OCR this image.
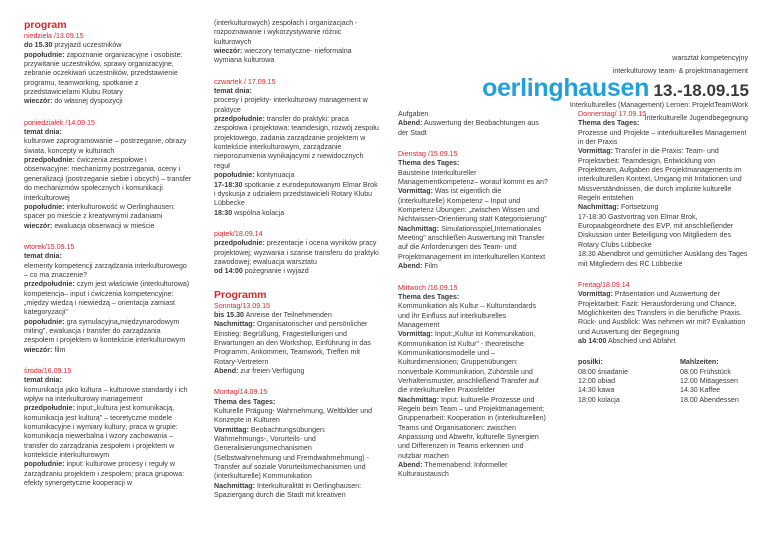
warsztat kompetencyjny
interkulturowy team- & projektmanagement
oerlinghausen 13.-18.09.15
Interkulturelles (Management) Lernen: ProjektTeamWork
Interkulturelle Jugendbegegnung
program
niedziela /13.09.15
do 15.30 przyjazd uczestników
popołudnie: zapoznanie organizacyjne i osobiste: przywitanie uczestników, sprawy organizacyjne, zebranie oczekiwań uczestników, przedstawienie programu, teamworking, spotkanie z przedstawicielami Klubu Rotary
wieczór: do własnej dyspozycji
poniedziałek /14.09.15
temat dnia:
kulturowe zaprogramowanie – postrzeganie, obrazy świata, koncepty w kulturach
przedpołudnie: ćwiczenia zespołowe i obserwacyjne: mechanizmy postrzegania, oceny i generalizacji (postrzeganie siebie i obcych) – transfer do mechanizmów społecznych i komunikacji interkulturowej
popołudnie: interkulturowość w Oerlinghausen: spacer po mieście z kreatywnymi zadaniami
wieczór: ewaluacja obserwacji w mieście
wtorek/15.09.15
temat dnia:
elementy kompetencji zarządzania interkulturowego – co ma znaczenie?
przedpołudnie: czym jest właściwie (interkulturowa) kompetencja– input i ćwiczenia kompetencyjne: „między wiedzą i niewiedzą – orientacja zamiast kategoryzacji"
popołudnie: gra symulacyjna„międzynarodowym miting", ewaluacja i transfer do zarządzania zespołem i projektem w kontekście interkulturowym
wieczór: film
środa/16.09.15
temat dnia:
komunikacja jako kultura – kulturowe standardy i ich wpływ na interkulturowy management
przedpołudnie: input:„kultura jest komunikacją, komunikacja jest kulturą" – teoretyczne modele komunikacyjne i wymiary kultury; praca w grupie: komunikacja niewerbalna i wzory zachowania – transfer do zarządzania zespołem i projektem w kontekście interkulturowym
popołudnie: input: kulturowe procesy i reguły w zarządzaniu projektem i zespołem; praca grupowa: efekty synergetyczne kooperacji w
(interkulturowych) zespołach i organizacjach - rozpoznawanie i wykorzystywanie różnic kulturowych
wieczór: wieczory tematyczne- nieformalna wymiana kulturowa
czwartek / 17.09.15
temat dnia:
procesy i projekty- interkulturowy management w praktyce
przedpołudnie: transfer do praktyki: praca zespołowa i projektowa: teamdesign, rozwój zespołu projektowego, zadania zarządzanie projektem w kontekście interkulturowym, zarządzanie nieporozumienia wynikającymi z niewidocznych reguł
popołudnie: kontynuacja
17-18:30 spotkanie z eurodeputowanym Elmar Brok i dyskusja z udziałem przedstawicieli Rotary Klubu Lübbecke
18:30 wspólna kolacja
piątek/18.09.14
przedpołudnie: prezentacje i ocena wyników pracy projektowej; wyzwania i szanse transferu do praktyki zawodowej; ewaluacja warsztatu
od 14:00 pożegnanie i wyjazd
Programm
Sonntag/13.09.15
bis 15.30 Anreise der Teilnehmenden
Nachmittag: Organisatorischer und persönlicher Einstieg: Begrüßung, Fragestellungen und Erwartungen an den Workshop, Einführung in das Programm, Ankommen, Teamwork, Treffen mit Rotary-Vertretern
Abend: zur freien Verfügung
Montag/14.09.15
Thema des Tages:
Kulturelle Prägung- Wahrnehmung, Weltbilder und Konzepte in Kulturen
Vormittag: Beobachtungsübungen: Wahrnehmungs-, Vorurteils- und Generalisierungsmechanismen (Selbstwahrnehmung und Fremdwahrnehmung) - Transfer auf soziale Vorurteilsmechanismen und (interkulturelle) Kommunikation
Nachmittag: Interkulturalität in Oerlinghausen: Spaziergang durch die Stadt mit kreativen
Aufgaben
Abend: Auswertung der Beobachtungen aus der Stadt
Dienstag /15.09.15
Thema des Tages:
Bausteine Interkultureller Managementkompetenz– worauf kommt es an?
Vormittag: Was ist eigentlich die (interkulturelle) Kompetenz – Input und Kompetenz Übungen: „zwischen Wissen und Nichtwissen-Orientierung statt Kategorisierung"
Nachmittag: Simulationsspiel„Internationales Meeting" anschließen Auswertung mit Transfer auf die Anforderungen des Team- und Projektmanagement im interkulturellen Kontext
Abend: Film
Mittwoch /16.09.15
Thema des Tages:
Kommunikation als Kultur – Kulturstandards und ihr Einfluss auf interkulturelles Management
Vormittag: Input:„Kultur ist Kommunikation, Kommunikation ist Kultur" - theoretische Kommunikationsmodelle und – Kulturdimensionen; Gruppenübungen: nonverbale Kommunikation, Zuhörstile und Verhaltensmuster, anschließend Transfer auf die interkulturellen Praxisfelder
Nachmittag: Input: kulturelle Prozesse und Regeln beim Team – und Projektmanagement; Gruppenarbeit: Kooperation in (interkulturellen) Teams und Organisationen: zwischen Anpassung und Abwehr, kulturelle Synergien und Differenzen in Teams erkennen und nutzbar machen
Abend: Themenabend: Informeller Kulturaustausch
Donnerstag/ 17.09.15
Thema des Tages:
Prozesse und Projekte – interkulturelles Management in der Praxis
Vormittag: Transfer in die Praxis: Team- und Projektarbeit: Teamdesign, Entwicklung von Projektteam, Aufgaben des Projektmanagements im interkulturellen Kontext, Umgang mit Irritationen und Missverständnissen, die durch implizite kulturelle Regeln entstehen
Nachmittag: Fortsetzung
17-18:30 Gastvortrag von Elmar Brok, Europaabgeordnete des EVP, mit anschließender Diskussion unter Beteiligung von Mitgliedern des Rotary Clubs Lübbecke
18:30 Abendbrot und gemütlicher Ausklang des Tages mit Mitgliedern des RC Lübbecke
Freitag/18.09.14
Vormittag: Präsentation und Auswertung der Projektarbeit: Fazit: Herausforderung und Chance, Möglichkeiten des Transfers in die berufliche Praxis. Rück- und Ausblick: Was nehmen wir mit? Evaluation und Auswertung der Begegnung
ab 14:00 Abschied und Abfahrt
posiłki:
08:00 śniadanie
12:00 obiad
14:30 kawa
18:00 kolacja
Mahlzeiten:
08.00 Frühstück
12.00 Mittagessen
14.30 Kaffee
18.00 Abendessen
